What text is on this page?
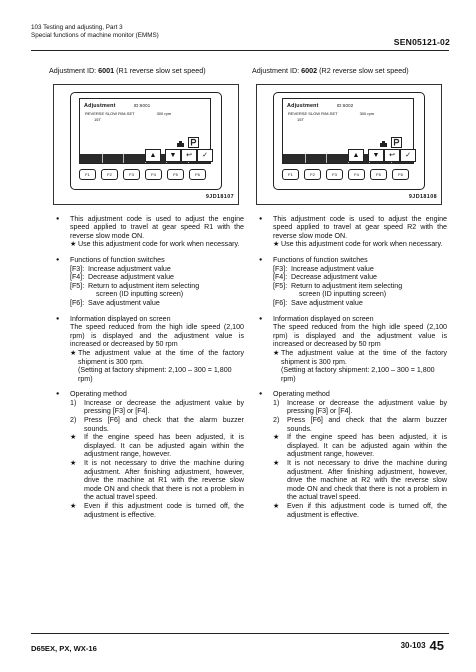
103 Testing and adjusting, Part 3
Special functions of machine monitor (EMMS)
SEN05121-02
Adjustment ID: 6001 (R1 reverse slow set speed)
Adjustment	ID:6001
REVERSE SLOW R/M-SET	300 rpm
15T
▲	▼	↩	✓
F1	F2	F3	F4	F5	F6
9JD18107
● This adjustment code is used to adjust the engine speed applied to travel at gear speed R1 with the reverse slow mode ON.
★ Use this adjustment code for work when necessary.
● Functions of function switches
[F3]: Increase adjustment value
[F4]: Decrease adjustment value
[F5]: Return to adjustment item selecting
screen (ID inputting screen)
[F6]: Save adjustment value
● Information displayed on screen
The speed reduced from the high idle speed (2,100 rpm) is displayed and the adjustment value is increased or decreased by 50 rpm
★ The adjustment value at the time of the factory shipment is 300 rpm.
(Setting at factory shipment: 2,100 – 300 = 1,800 rpm)
● Operating method
1) Increase or decrease the adjustment value by pressing [F3] or [F4].
2) Press [F6] and check that the alarm buzzer sounds.
★ If the engine speed has been adjusted, it is displayed. It can be adjusted again within the adjustment range, however.
★ It is not necessary to drive the machine during adjustment. After finishing adjustment, however, drive the machine at R1 with the reverse slow mode ON and check that there is not a problem in the actual travel speed.
★ Even if this adjustment code is turned off, the adjustment is effective.
Adjustment ID: 6002 (R2 reverse slow set speed)
Adjustment	ID:6002
REVERSE SLOW R/M-SET	300 rpm
15T
▲	▼	↩	✓
F1	F2	F3	F4	F5	F6
9JD18108
● This adjustment code is used to adjust the engine speed applied to travel at gear speed R2 with the reverse slow mode ON.
★ Use this adjustment code for work when necessary.
● Functions of function switches
[F3]: Increase adjustment value
[F4]: Decrease adjustment value
[F5]: Return to adjustment item selecting
screen (ID inputting screen)
[F6]: Save adjustment value
● Information displayed on screen
The speed reduced from the high idle speed (2,100 rpm) is displayed and the adjustment value is increased or decreased by 50 rpm
★ The adjustment value at the time of the factory shipment is 300 rpm.
(Setting at factory shipment: 2,100 – 300 = 1,800 rpm)
● Operating method
1) Increase or decrease the adjustment value by pressing [F3] or [F4].
2) Press [F6] and check that the alarm buzzer sounds.
★ If the engine speed has been adjusted, it is displayed. It can be adjusted again within the adjustment range, however.
★ It is not necessary to drive the machine during adjustment. After finishing adjustment, however, drive the machine at R2 with the reverse slow mode ON and check that there is not a problem in the actual travel speed.
★ Even if this adjustment code is turned off, the adjustment is effective.
D65EX, PX, WX-16	30-103 45
